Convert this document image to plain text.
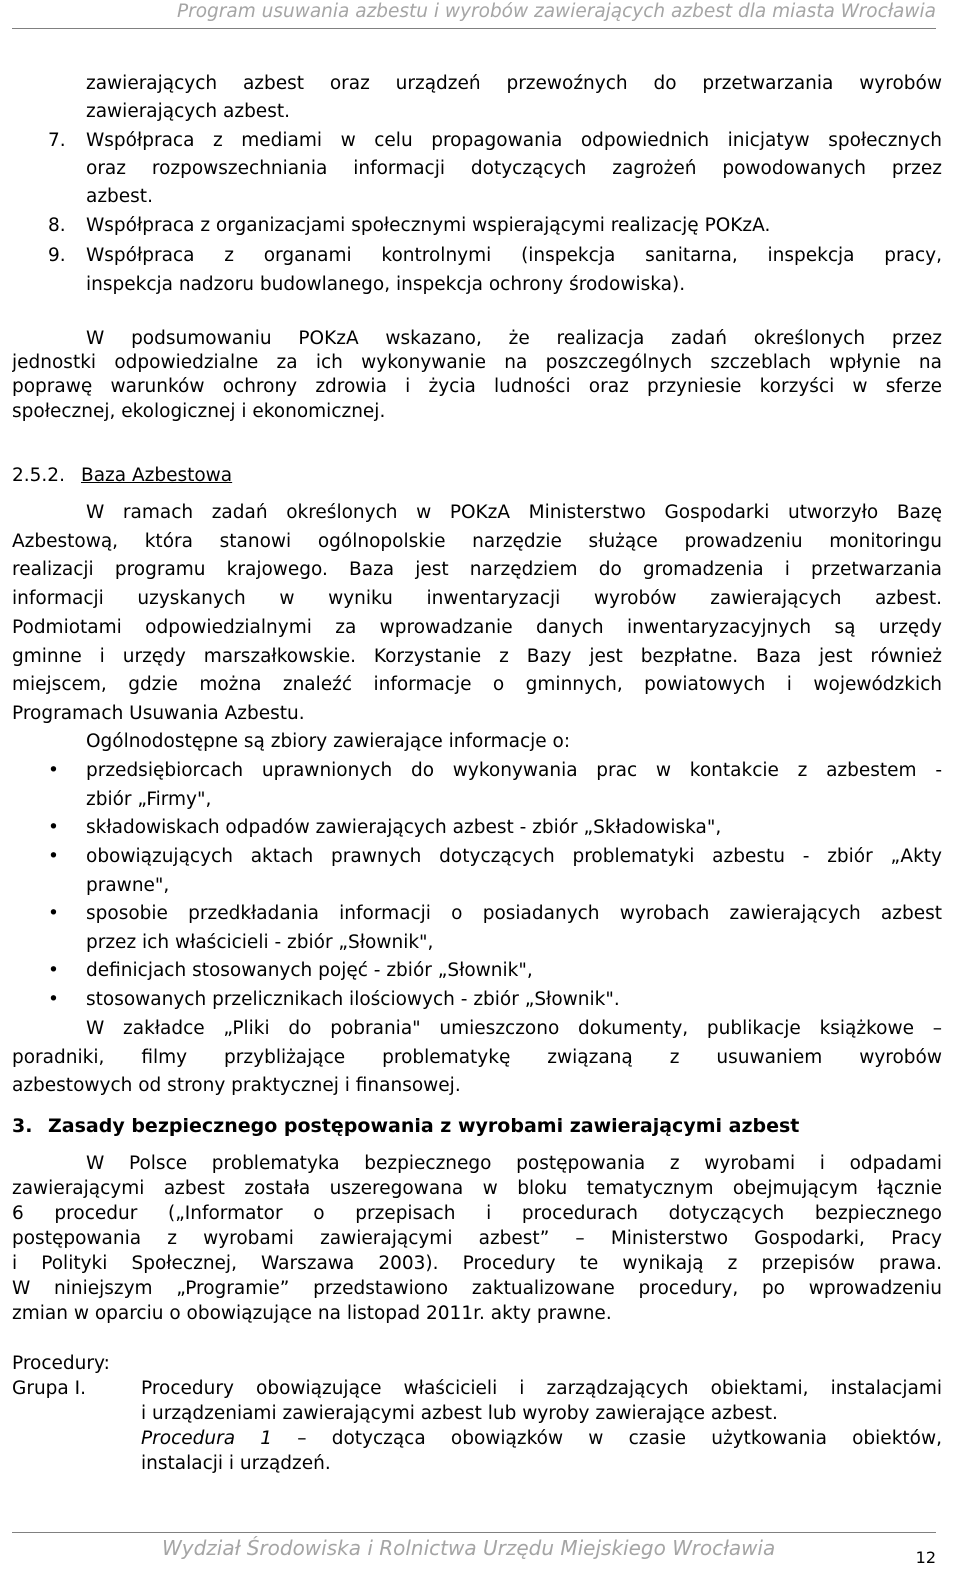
Program usuwania azbestu i wyrobów zawierających azbest dla miasta Wrocławia
zawierających azbest oraz urządzeń przewoźnych do przetwarzania wyrobów
zawierających azbest.
7. Współpraca z mediami w celu propagowania odpowiednich inicjatyw społecznych
oraz rozpowszechniania informacji dotyczących zagrożeń powodowanych przez
azbest.
8. Współpraca z organizacjami społecznymi wspierającymi realizację POKzA.
9. Współpraca z organami kontrolnymi (inspekcja sanitarna, inspekcja pracy,
inspekcja nadzoru budowlanego, inspekcja ochrony środowiska).
W podsumowaniu POKzA wskazano, że realizacja zadań określonych przez
jednostki odpowiedzialne za ich wykonywanie na poszczególnych szczeblach wpłynie na
poprawę warunków ochrony zdrowia i życia ludności oraz przyniesie korzyści w sferze
społecznej, ekologicznej i ekonomicznej.
2.5.2. Baza Azbestowa
W ramach zadań określonych w POKzA Ministerstwo Gospodarki utworzyło Bazę
Azbestową, która stanowi ogólnopolskie narzędzie służące prowadzeniu monitoringu
realizacji programu krajowego. Baza jest narzędziem do gromadzenia i przetwarzania
informacji uzyskanych w wyniku inwentaryzacji wyrobów zawierających azbest.
Podmiotami odpowiedzialnymi za wprowadzanie danych inwentaryzacyjnych są urzędy
gminne i urzędy marszałkowskie. Korzystanie z Bazy jest bezpłatne. Baza jest również
miejscem, gdzie można znaleźć informacje o gminnych, powiatowych i wojewódzkich
Programach Usuwania Azbestu.
Ogólnodostępne są zbiory zawierające informacje o:
• przedsiębiorcach uprawnionych do wykonywania prac w kontakcie z azbestem -
zbiór „Firmy",
• składowiskach odpadów zawierających azbest - zbiór „Składowiska",
• obowiązujących aktach prawnych dotyczących problematyki azbestu - zbiór „Akty
prawne",
• sposobie przedkładania informacji o posiadanych wyrobach zawierających azbest
przez ich właścicieli - zbiór „Słownik",
• definicjach stosowanych pojęć - zbiór „Słownik",
• stosowanych przelicznikach ilościowych - zbiór „Słownik".
W zakładce „Pliki do pobrania" umieszczono dokumenty, publikacje książkowe –
poradniki, filmy przybliżające problematykę związaną z usuwaniem wyrobów
azbestowych od strony praktycznej i finansowej.
3. Zasady bezpiecznego postępowania z wyrobami zawierającymi azbest
W Polsce problematyka bezpiecznego postępowania z wyrobami i odpadami
zawierającymi azbest została uszeregowana w bloku tematycznym obejmującym łącznie
6 procedur („Informator o przepisach i procedurach dotyczących bezpiecznego
postępowania z wyrobami zawierającymi azbest” – Ministerstwo Gospodarki, Pracy
i Polityki Społecznej, Warszawa 2003). Procedury te wynikają z przepisów prawa.
W niniejszym „Programie” przedstawiono zaktualizowane procedury, po wprowadzeniu
zmian w oparciu o obowiązujące na listopad 2011r. akty prawne.
Procedury:
Grupa I.	Procedury obowiązujące właścicieli i zarządzających obiektami, instalacjami
i urządzeniami zawierającymi azbest lub wyroby zawierające azbest.
Procedura 1 – dotycząca obowiązków w czasie użytkowania obiektów,
instalacji i urządzeń.
Wydział Środowiska i Rolnictwa Urzędu Miejskiego Wrocławia	12
